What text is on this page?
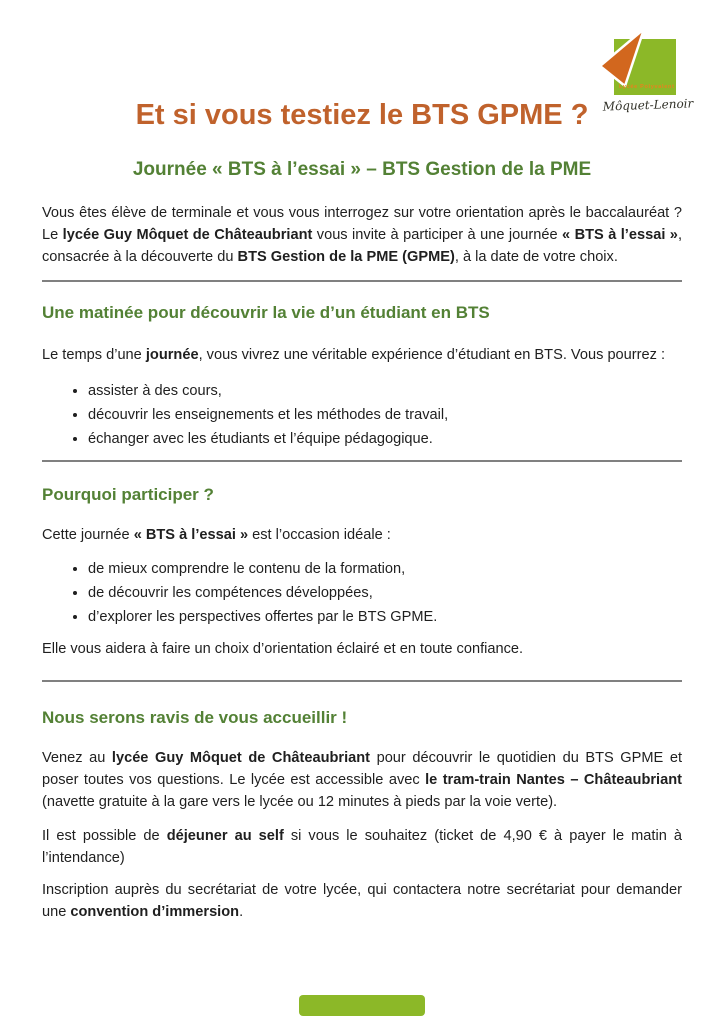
Lycée Polyvalent
Môquet-Lenoir
Et si vous testiez le BTS GPME ?
Journée « BTS à l’essai » – BTS Gestion de la PME

Vous êtes élève de terminale et vous vous interrogez sur votre orientation après le baccalauréat ? Le lycée Guy Môquet de Châteaubriant vous invite à participer à une journée « BTS à l’essai », consacrée à la découverte du BTS Gestion de la PME (GPME), à la date de votre choix.

Une matinée pour découvrir la vie d’un étudiant en BTS

Le temps d’une journée, vous vivrez une véritable expérience d’étudiant en BTS. Vous pourrez :

• assister à des cours,
• découvrir les enseignements et les méthodes de travail,
• échanger avec les étudiants et l’équipe pédagogique.
Pourquoi participer ?

Cette journée « BTS à l’essai » est l’occasion idéale :

• de mieux comprendre le contenu de la formation,
• de découvrir les compétences développées,
• d’explorer les perspectives offertes par le BTS GPME.

Elle vous aidera à faire un choix d’orientation éclairé et en toute confiance.

Nous serons ravis de vous accueillir !

Venez au lycée Guy Môquet de Châteaubriant pour découvrir le quotidien du BTS GPME et poser toutes vos questions. Le lycée est accessible avec le tram-train Nantes – Châteaubriant (navette gratuite à la gare vers le lycée ou 12 minutes à pieds par la voie verte).

Il est possible de déjeuner au self si vous le souhaitez (ticket de 4,90 € à payer le matin à l’intendance)

Inscription auprès du secrétariat de votre lycée, qui contactera notre secrétariat pour demander une convention d’immersion.
